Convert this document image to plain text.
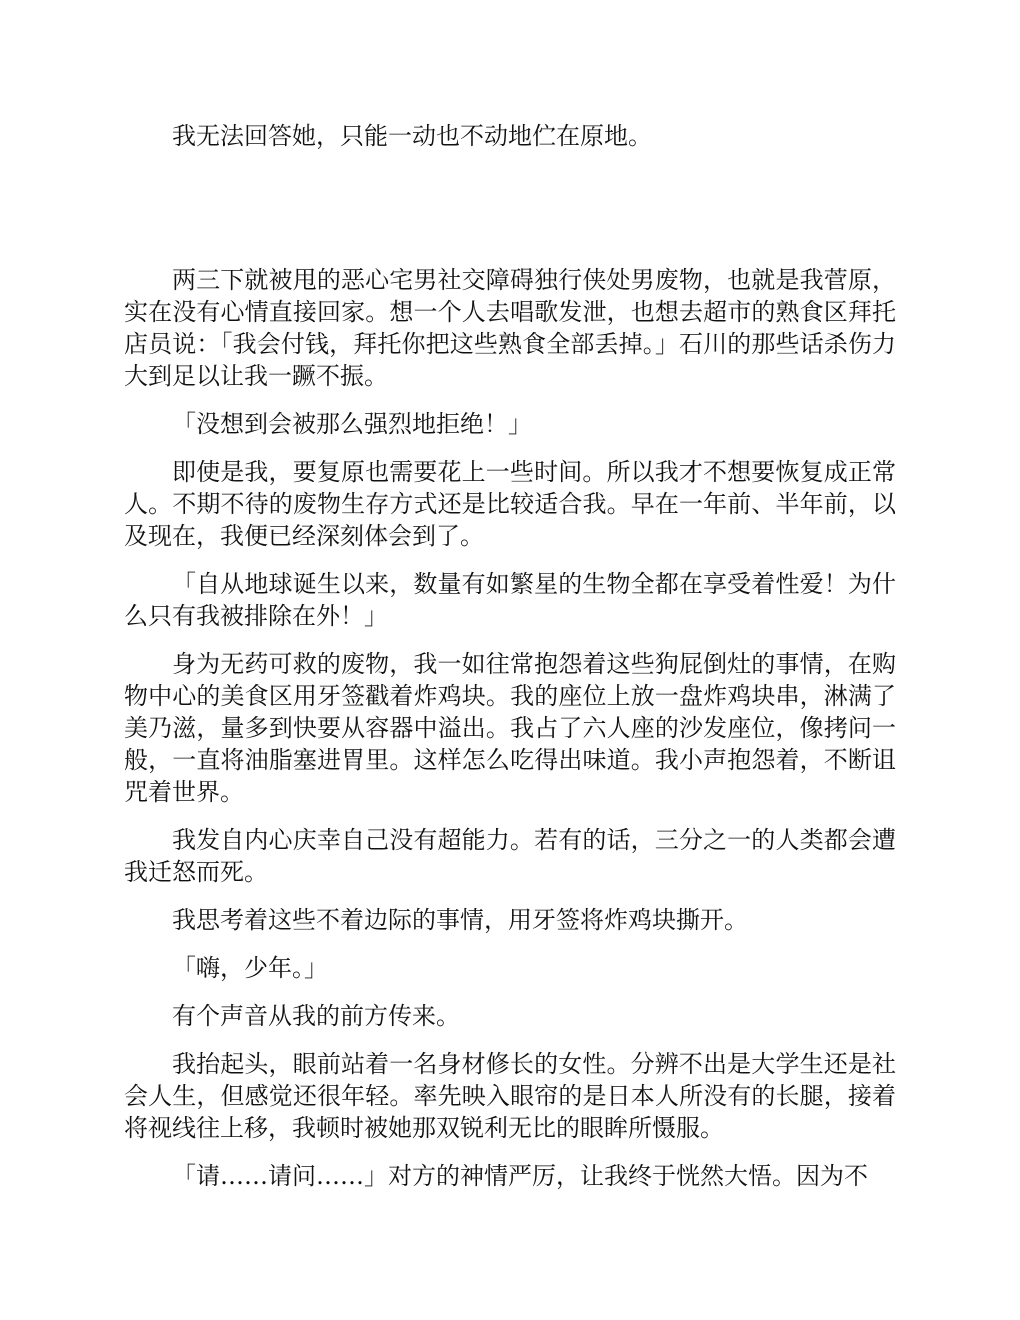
我无法回答她，只能一动也不动地伫在原地。

两三下就被甩的恶心宅男社交障碍独行侠处男废物，也就是我菅原，实在没有心情直接回家。想一个人去唱歌发泄，也想去超市的熟食区拜托店员说：「我会付钱，拜托你把这些熟食全部丢掉。」石川的那些话杀伤力大到足以让我一蹶不振。

「没想到会被那么强烈地拒绝！」

即使是我，要复原也需要花上一些时间。所以我才不想要恢复成正常人。不期不待的废物生存方式还是比较适合我。早在一年前、半年前，以及现在，我便已经深刻体会到了。

「自从地球诞生以来，数量有如繁星的生物全都在享受着性爱！为什么只有我被排除在外！」

身为无药可救的废物，我一如往常抱怨着这些狗屁倒灶的事情，在购物中心的美食区用牙签戳着炸鸡块。我的座位上放一盘炸鸡块串，淋满了美乃滋，量多到快要从容器中溢出。我占了六人座的沙发座位，像拷问一般，一直将油脂塞进胃里。这样怎么吃得出味道。我小声抱怨着，不断诅咒着世界。

我发自内心庆幸自己没有超能力。若有的话，三分之一的人类都会遭我迁怒而死。

我思考着这些不着边际的事情，用牙签将炸鸡块撕开。

「嗨，少年。」

有个声音从我的前方传来。

我抬起头，眼前站着一名身材修长的女性。分辨不出是大学生还是社会人生，但感觉还很年轻。率先映入眼帘的是日本人所没有的长腿，接着将视线往上移，我顿时被她那双锐利无比的眼眸所慑服。

「请……请问……」对方的神情严厉，让我终于恍然大悟。因为不
